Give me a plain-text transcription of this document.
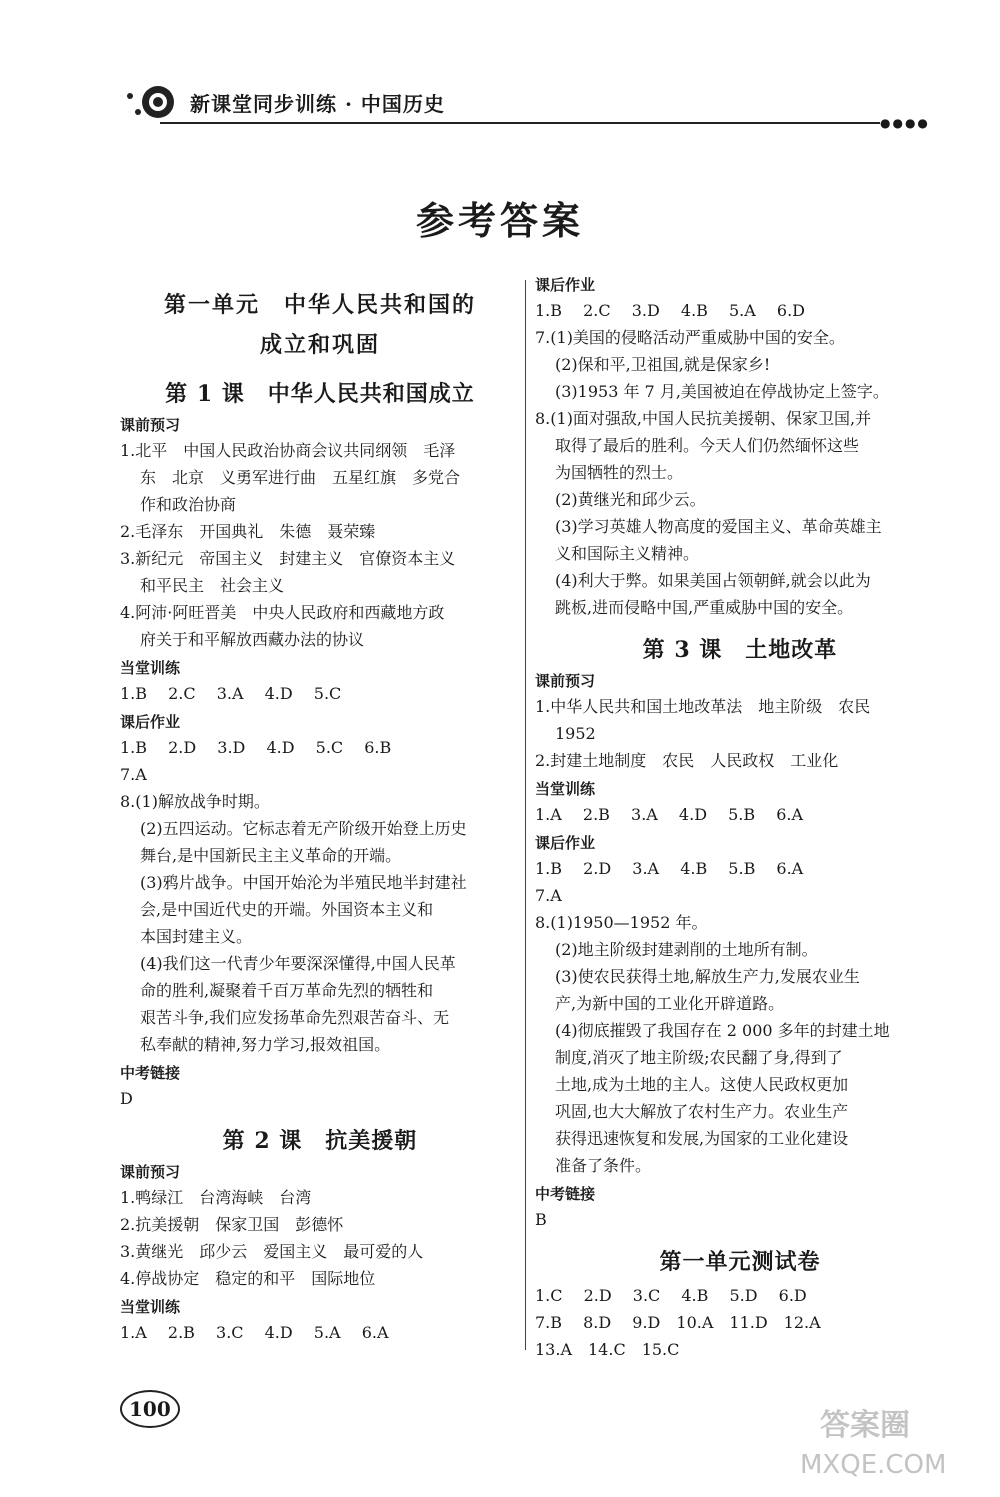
新课堂同步训练 · 中国历史
●●●●
参考答案
第一单元　中华人民共和国的
成立和巩固
第 1 课　中华人民共和国成立
课前预习
1.北平　中国人民政治协商会议共同纲领　毛泽
东　北京　义勇军进行曲　五星红旗　多党合
作和政治协商
2.毛泽东　开国典礼　朱德　聂荣臻
3.新纪元　帝国主义　封建主义　官僚资本主义
和平民主　社会主义
4.阿沛·阿旺晋美　中央人民政府和西藏地方政
府关于和平解放西藏办法的协议
当堂训练
1.B　 2.C　 3.A　 4.D　 5.C
课后作业
1.B　 2.D　 3.D　 4.D　 5.C　 6.B
7.A
8.(1)解放战争时期。
(2)五四运动。它标志着无产阶级开始登上历史
舞台,是中国新民主主义革命的开端。
(3)鸦片战争。中国开始沦为半殖民地半封建社
会,是中国近代史的开端。外国资本主义和
本国封建主义。
(4)我们这一代青少年要深深懂得,中国人民革
命的胜利,凝聚着千百万革命先烈的牺牲和
艰苦斗争,我们应发扬革命先烈艰苦奋斗、无
私奉献的精神,努力学习,报效祖国。
中考链接
D
第 2 课　抗美援朝
课前预习
1.鸭绿江　台湾海峡　台湾
2.抗美援朝　保家卫国　彭德怀
3.黄继光　邱少云　爱国主义　最可爱的人
4.停战协定　稳定的和平　国际地位
当堂训练
1.A　 2.B　 3.C　 4.D　 5.A　 6.A
课后作业
1.B　 2.C　 3.D　 4.B　 5.A　 6.D
7.(1)美国的侵略活动严重威胁中国的安全。
(2)保和平,卫祖国,就是保家乡!
(3)1953 年 7 月,美国被迫在停战协定上签字。
8.(1)面对强敌,中国人民抗美援朝、保家卫国,并
取得了最后的胜利。今天人们仍然缅怀这些
为国牺牲的烈士。
(2)黄继光和邱少云。
(3)学习英雄人物高度的爱国主义、革命英雄主
义和国际主义精神。
(4)利大于弊。如果美国占领朝鲜,就会以此为
跳板,进而侵略中国,严重威胁中国的安全。
第 3 课　土地改革
课前预习
1.中华人民共和国土地改革法　地主阶级　农民
1952
2.封建土地制度　农民　人民政权　工业化
当堂训练
1.A　 2.B　 3.A　 4.D　 5.B　 6.A
课后作业
1.B　 2.D　 3.A　 4.B　 5.B　 6.A
7.A
8.(1)1950—1952 年。
(2)地主阶级封建剥削的土地所有制。
(3)使农民获得土地,解放生产力,发展农业生
产,为新中国的工业化开辟道路。
(4)彻底摧毁了我国存在 2 000 多年的封建土地
制度,消灭了地主阶级;农民翻了身,得到了
土地,成为土地的主人。这使人民政权更加
巩固,也大大解放了农村生产力。农业生产
获得迅速恢复和发展,为国家的工业化建设
准备了条件。
中考链接
B
第一单元测试卷
1.C　 2.D　 3.C　 4.B　 5.D　 6.D
7.B　 8.D　 9.D　10.A　11.D　12.A
13.A　14.C　15.C
100	答案圈
MXQE.COM
